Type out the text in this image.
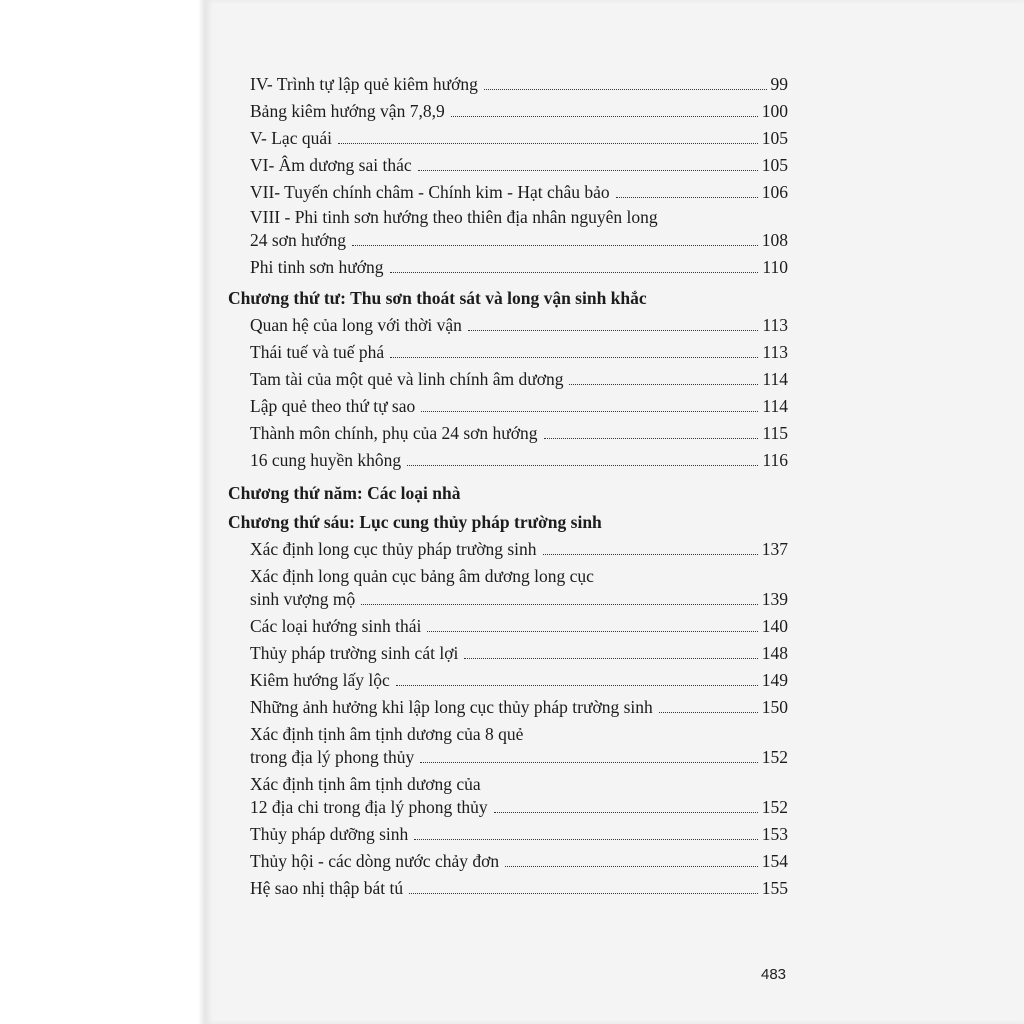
IV- Trình tự lập quẻ kiêm hướng	99
Bảng kiêm hướng vận 7,8,9	100
V- Lạc quái	105
VI- Âm dương sai thác	105
VII- Tuyến chính châm - Chính kim - Hạt châu bảo	106
VIII - Phi tinh sơn hướng theo thiên địa nhân nguyên long
24 sơn hướng	108
Phi tinh sơn hướng	110
Chương thứ tư: Thu sơn thoát sát và long vận sinh khắc
Quan hệ của long với thời vận	113
Thái tuế và tuế phá	113
Tam tài của một quẻ và linh chính âm dương	114
Lập quẻ theo thứ tự sao	114
Thành môn chính, phụ của 24 sơn hướng	115
16 cung huyền không	116
Chương thứ năm: Các loại nhà
Chương thứ sáu: Lục cung thủy pháp trường sinh
Xác định long cục thủy pháp trường sinh	137
Xác định long quản cục bảng âm dương long cục
sinh vượng mộ	139
Các loại hướng sinh thái	140
Thủy pháp trường sinh cát lợi	148
Kiêm hướng lấy lộc	149
Những ảnh hưởng khi lập long cục thủy pháp trường sinh	150
Xác định tịnh âm tịnh dương của 8 quẻ
trong địa lý phong thủy	152
Xác định tịnh âm tịnh dương của
12 địa chi trong địa lý phong thủy	152
Thủy pháp dưỡng sinh	153
Thủy hội - các dòng nước chảy đơn	154
Hệ sao nhị thập bát tú	155
483
